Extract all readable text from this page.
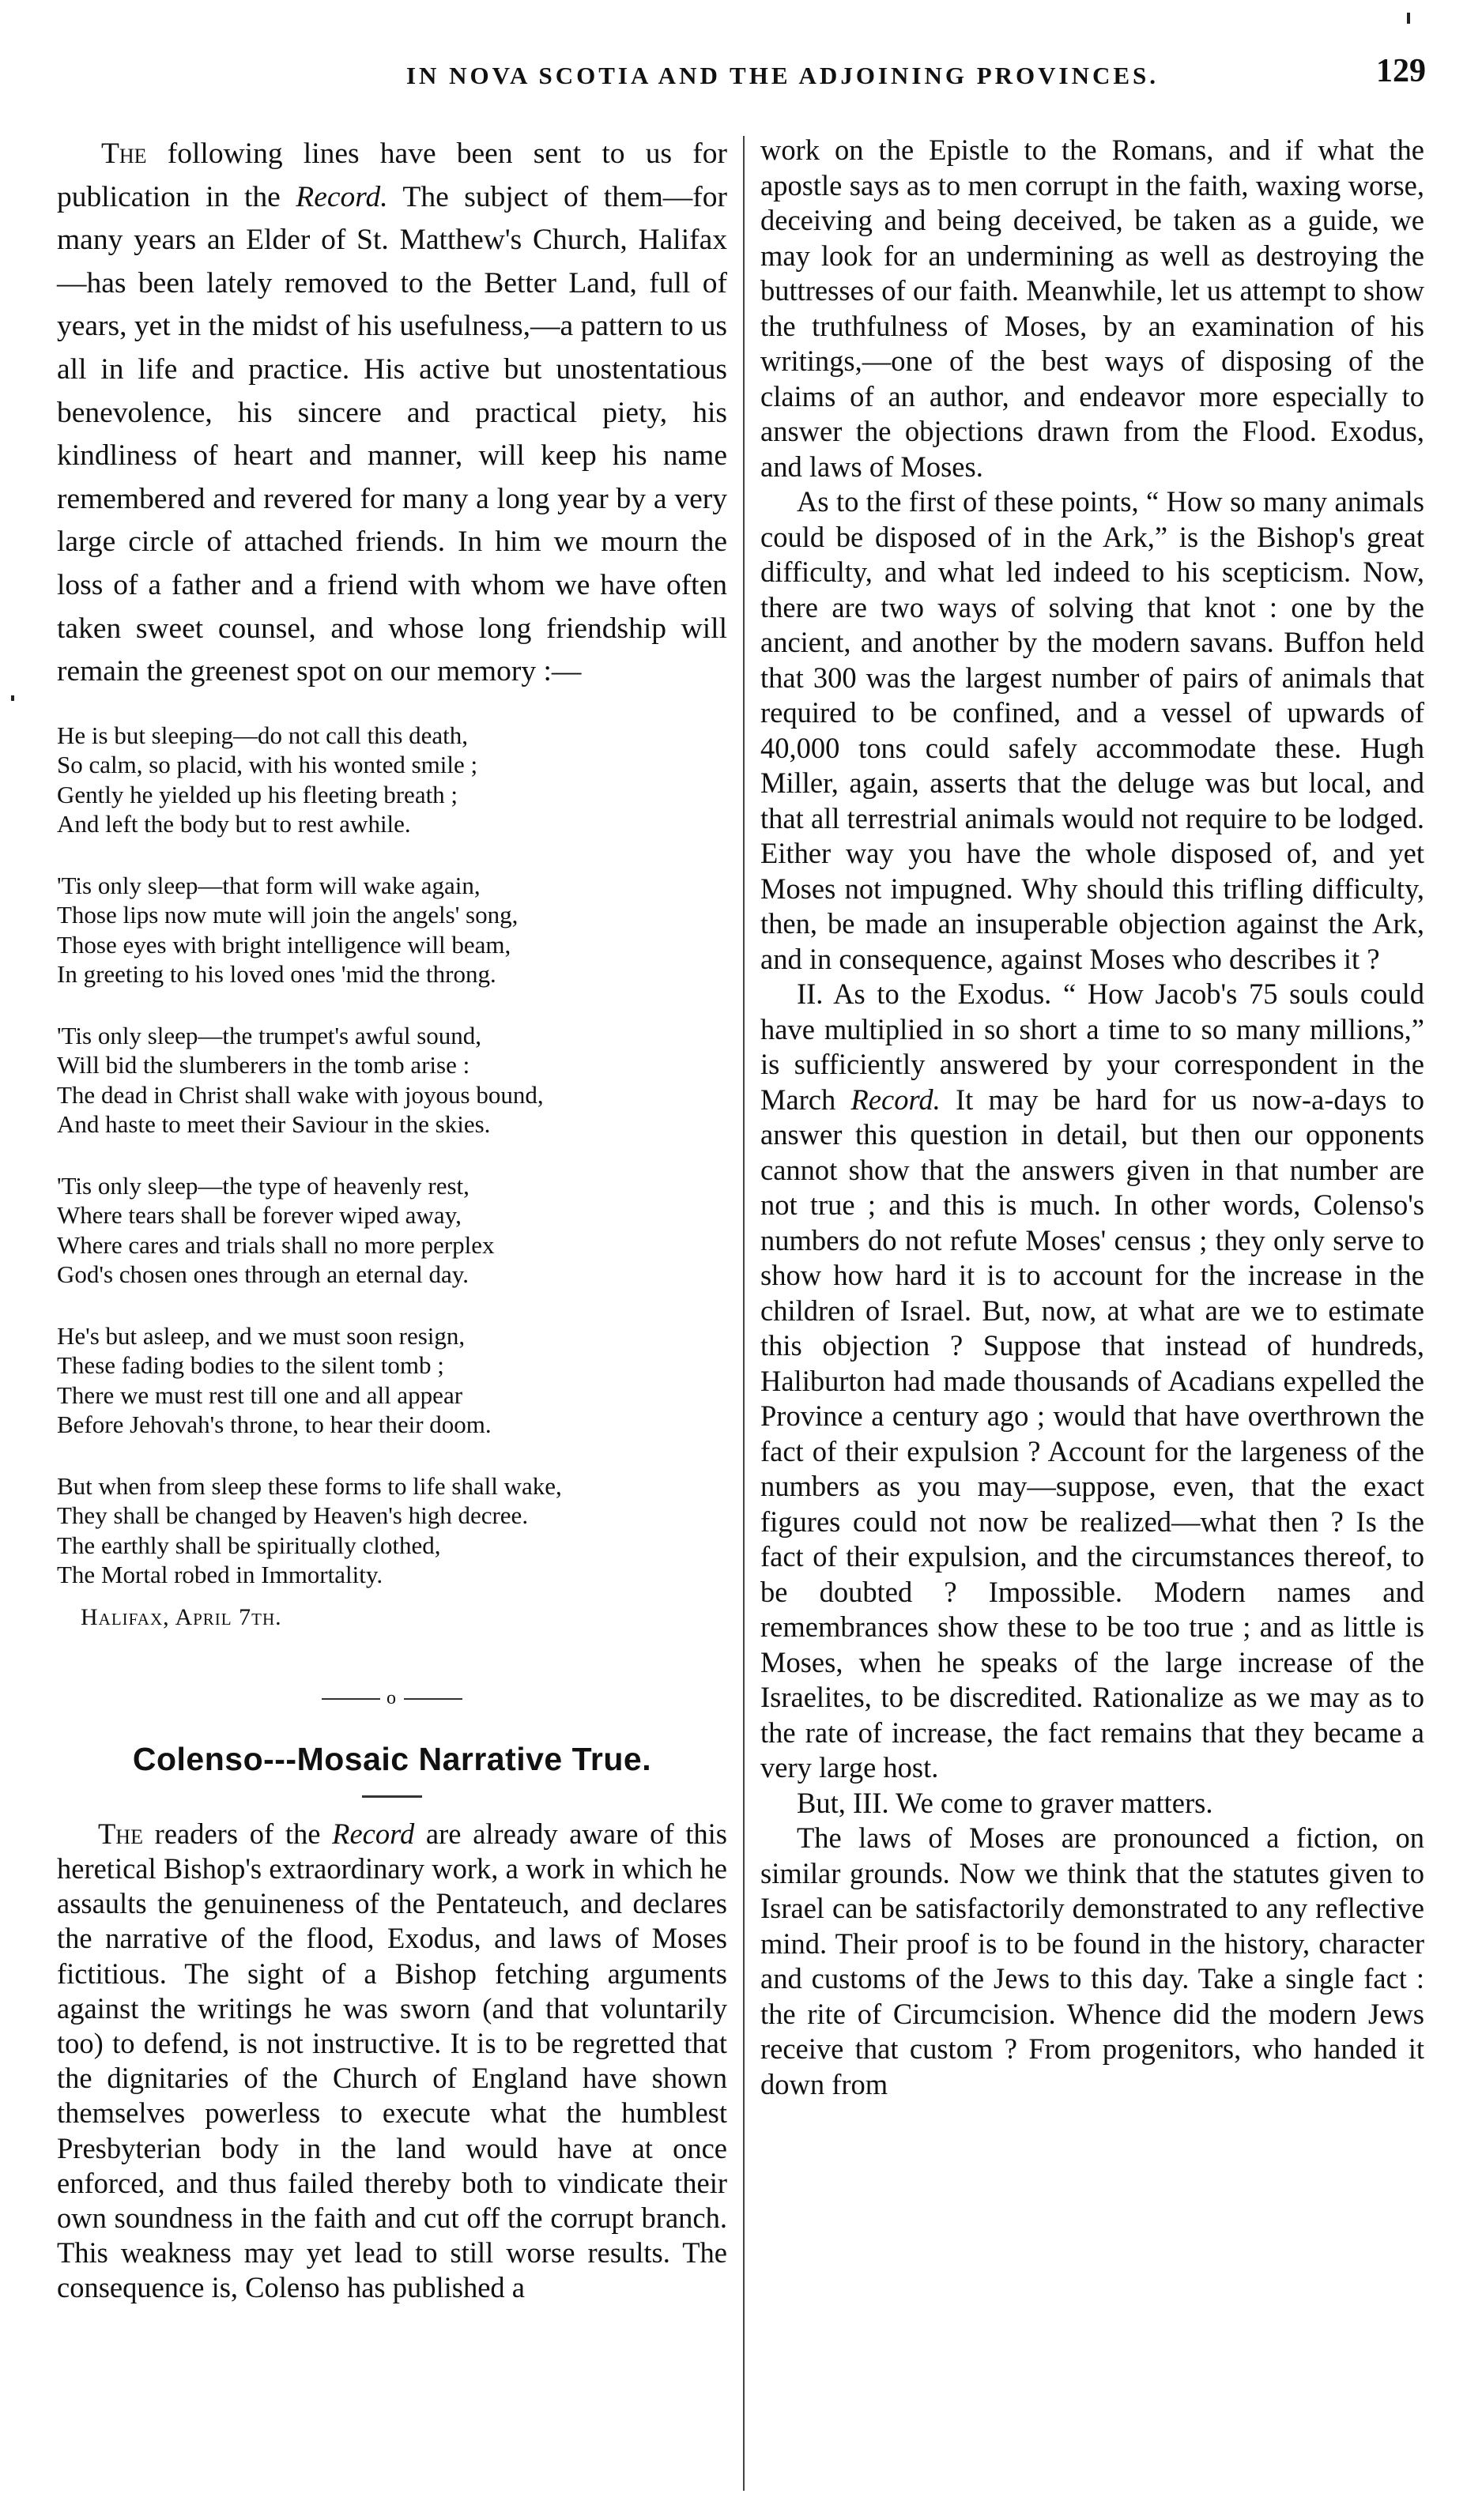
IN NOVA SCOTIA AND THE ADJOINING PROVINCES.	129

The following lines have been sent to us for publication in the Record. The subject of them—for many years an Elder of St. Matthew's Church, Halifax—has been lately removed to the Better Land, full of years, yet in the midst of his usefulness,—a pattern to us all in life and practice. His active but unostentatious benevolence, his sincere and practical piety, his kindliness of heart and manner, will keep his name remembered and revered for many a long year by a very large circle of attached friends. In him we mourn the loss of a father and a friend with whom we have often taken sweet counsel, and whose long friendship will remain the greenest spot on our memory :—

He is but sleeping—do not call this death,
So calm, so placid, with his wonted smile ;
Gently he yielded up his fleeting breath ;
And left the body but to rest awhile.
'Tis only sleep—that form will wake again,
Those lips now mute will join the angels' song,
Those eyes with bright intelligence will beam,
In greeting to his loved ones 'mid the throng.
'Tis only sleep—the trumpet's awful sound,
Will bid the slumberers in the tomb arise :
The dead in Christ shall wake with joyous bound,
And haste to meet their Saviour in the skies.
'Tis only sleep—the type of heavenly rest,
Where tears shall be forever wiped away,
Where cares and trials shall no more perplex
God's chosen ones through an eternal day.
He's but asleep, and we must soon resign,
These fading bodies to the silent tomb ;
There we must rest till one and all appear
Before Jehovah's throne, to hear their doom.
But when from sleep these forms to life shall wake,
They shall be changed by Heaven's high decree.
The earthly shall be spiritually clothed,
The Mortal robed in Immortality.
Halifax, April 7th.
o
Colenso---Mosaic Narrative True.

The readers of the Record are already aware of this heretical Bishop's extraordinary work, a work in which he assaults the genuineness of the Pentateuch, and declares the narrative of the flood, Exodus, and laws of Moses fictitious. The sight of a Bishop fetching arguments against the writings he was sworn (and that voluntarily too) to defend, is not instructive. It is to be regretted that the dignitaries of the Church of England have shown themselves powerless to execute what the humblest Presbyterian body in the land would have at once enforced, and thus failed thereby both to vindicate their own soundness in the faith and cut off the corrupt branch. This weakness may yet lead to still worse results. The consequence is, Colenso has published a

work on the Epistle to the Romans, and if what the apostle says as to men corrupt in the faith, waxing worse, deceiving and being deceived, be taken as a guide, we may look for an undermining as well as destroying the buttresses of our faith. Meanwhile, let us attempt to show the truthfulness of Moses, by an examination of his writings,—one of the best ways of disposing of the claims of an author, and endeavor more especially to answer the objections drawn from the Flood. Exodus, and laws of Moses.

As to the first of these points, “ How so many animals could be disposed of in the Ark,” is the Bishop's great difficulty, and what led indeed to his scepticism. Now, there are two ways of solving that knot : one by the ancient, and another by the modern savans. Buffon held that 300 was the largest number of pairs of animals that required to be confined, and a vessel of upwards of 40,000 tons could safely accommodate these. Hugh Miller, again, asserts that the deluge was but local, and that all terrestrial animals would not require to be lodged. Either way you have the whole disposed of, and yet Moses not impugned. Why should this trifling difficulty, then, be made an insuperable objection against the Ark, and in consequence, against Moses who describes it ?

II. As to the Exodus. “ How Jacob's 75 souls could have multiplied in so short a time to so many millions,” is sufficiently answered by your correspondent in the March Record. It may be hard for us now-a-days to answer this question in detail, but then our opponents cannot show that the answers given in that number are not true ; and this is much. In other words, Colenso's numbers do not refute Moses' census ; they only serve to show how hard it is to account for the increase in the children of Israel. But, now, at what are we to estimate this objection ? Suppose that instead of hundreds, Haliburton had made thousands of Acadians expelled the Province a century ago ; would that have overthrown the fact of their expulsion ? Account for the largeness of the numbers as you may—suppose, even, that the exact figures could not now be realized—what then ? Is the fact of their expulsion, and the circumstances thereof, to be doubted ? Impossible. Modern names and remembrances show these to be too true ; and as little is Moses, when he speaks of the large increase of the Israelites, to be discredited. Rationalize as we may as to the rate of increase, the fact remains that they became a very large host.

But, III. We come to graver matters.

The laws of Moses are pronounced a fiction, on similar grounds. Now we think that the statutes given to Israel can be satisfactorily demonstrated to any reflective mind. Their proof is to be found in the history, character and customs of the Jews to this day. Take a single fact : the rite of Circumcision. Whence did the modern Jews receive that custom ? From progenitors, who handed it down from
